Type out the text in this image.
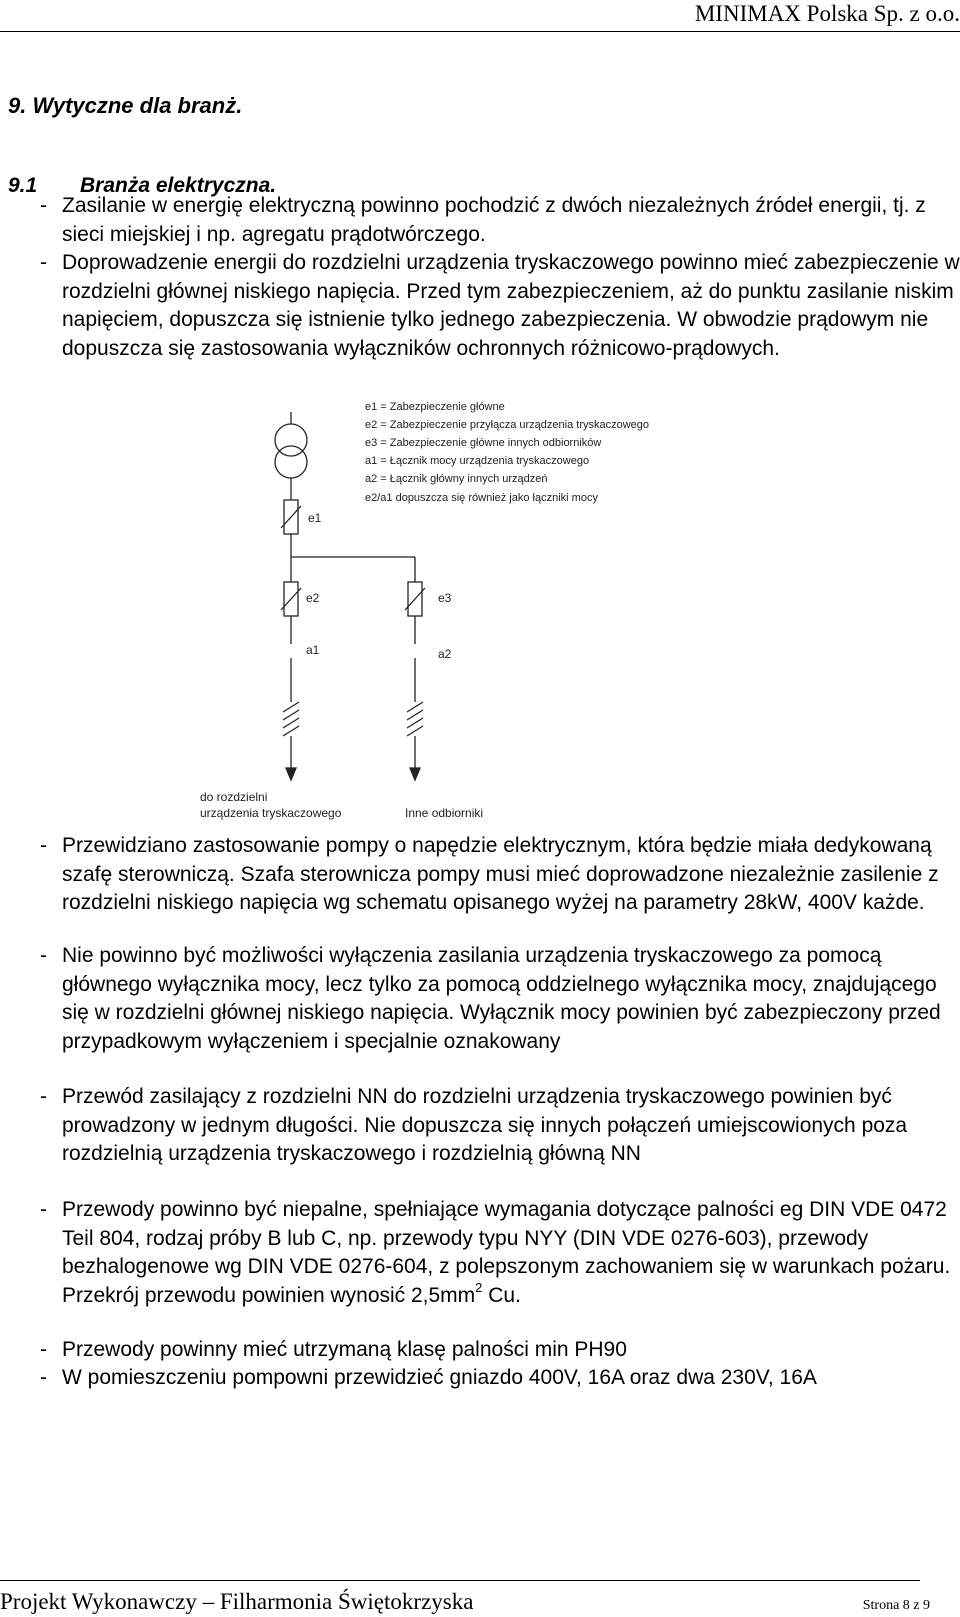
MINIMAX Polska Sp. z o.o.
9. Wytyczne dla branż.
9.1 Branża elektryczna.
- Zasilanie w energię elektryczną powinno pochodzić z dwóch niezależnych źródeł energii, tj. z sieci miejskiej i np. agregatu prądotwórczego.
- Doprowadzenie energii do rozdzielni urządzenia tryskaczowego powinno mieć zabezpieczenie w rozdzielni głównej niskiego napięcia. Przed tym zabezpieczeniem, aż do punktu zasilanie niskim napięciem, dopuszcza się istnienie tylko jednego zabezpieczenia. W obwodzie prądowym nie dopuszcza się zastosowania wyłączników ochronnych różnicowo-prądowych.
e1 = Zabezpieczenie główne
e2 = Zabezpieczenie przyłącza urządzenia tryskaczowego
e3 = Zabezpieczenie główne innych odbiorników
a1 = Łącznik mocy urządzenia tryskaczowego
a2 = Łącznik główny innych urządzeń
e2/a1 dopuszcza się również jako łączniki mocy
e1
e2	e3
a1	a2
do rozdzielni
urządzenia tryskaczowego	Inne odbiorniki
- Przewidziano zastosowanie pompy o napędzie elektrycznym, która będzie miała dedykowaną szafę sterowniczą. Szafa sterownicza pompy musi mieć doprowadzone niezależnie zasilenie z rozdzielni niskiego napięcia wg schematu opisanego wyżej na parametry 28kW, 400V każde.
- Nie powinno być możliwości wyłączenia zasilania urządzenia tryskaczowego za pomocą głównego wyłącznika mocy, lecz tylko za pomocą oddzielnego wyłącznika mocy, znajdującego się w rozdzielni głównej niskiego napięcia. Wyłącznik mocy powinien być zabezpieczony przed przypadkowym wyłączeniem i specjalnie oznakowany
- Przewód zasilający z rozdzielni NN do rozdzielni urządzenia tryskaczowego powinien być prowadzony w jednym długości. Nie dopuszcza się innych połączeń umiejscowionych poza rozdzielnią urządzenia tryskaczowego i rozdzielnią główną NN
- Przewody powinno być niepalne, spełniające wymagania dotyczące palności eg DIN VDE 0472 Teil 804, rodzaj próby B lub C, np. przewody typu NYY (DIN VDE 0276-603), przewody bezhalogenowe wg DIN VDE 0276-604, z polepszonym zachowaniem się w warunkach pożaru. Przekrój przewodu powinien wynosić $2,5mm^2$ Cu.
- Przewody powinny mieć utrzymaną klasę palności min PH90
- W pomieszczeniu pompowni przewidzieć gniazdo 400V, 16A oraz dwa 230V, 16A
Projekt Wykonawczy – Filharmonia Świętokrzyska	Strona 8 z 9
